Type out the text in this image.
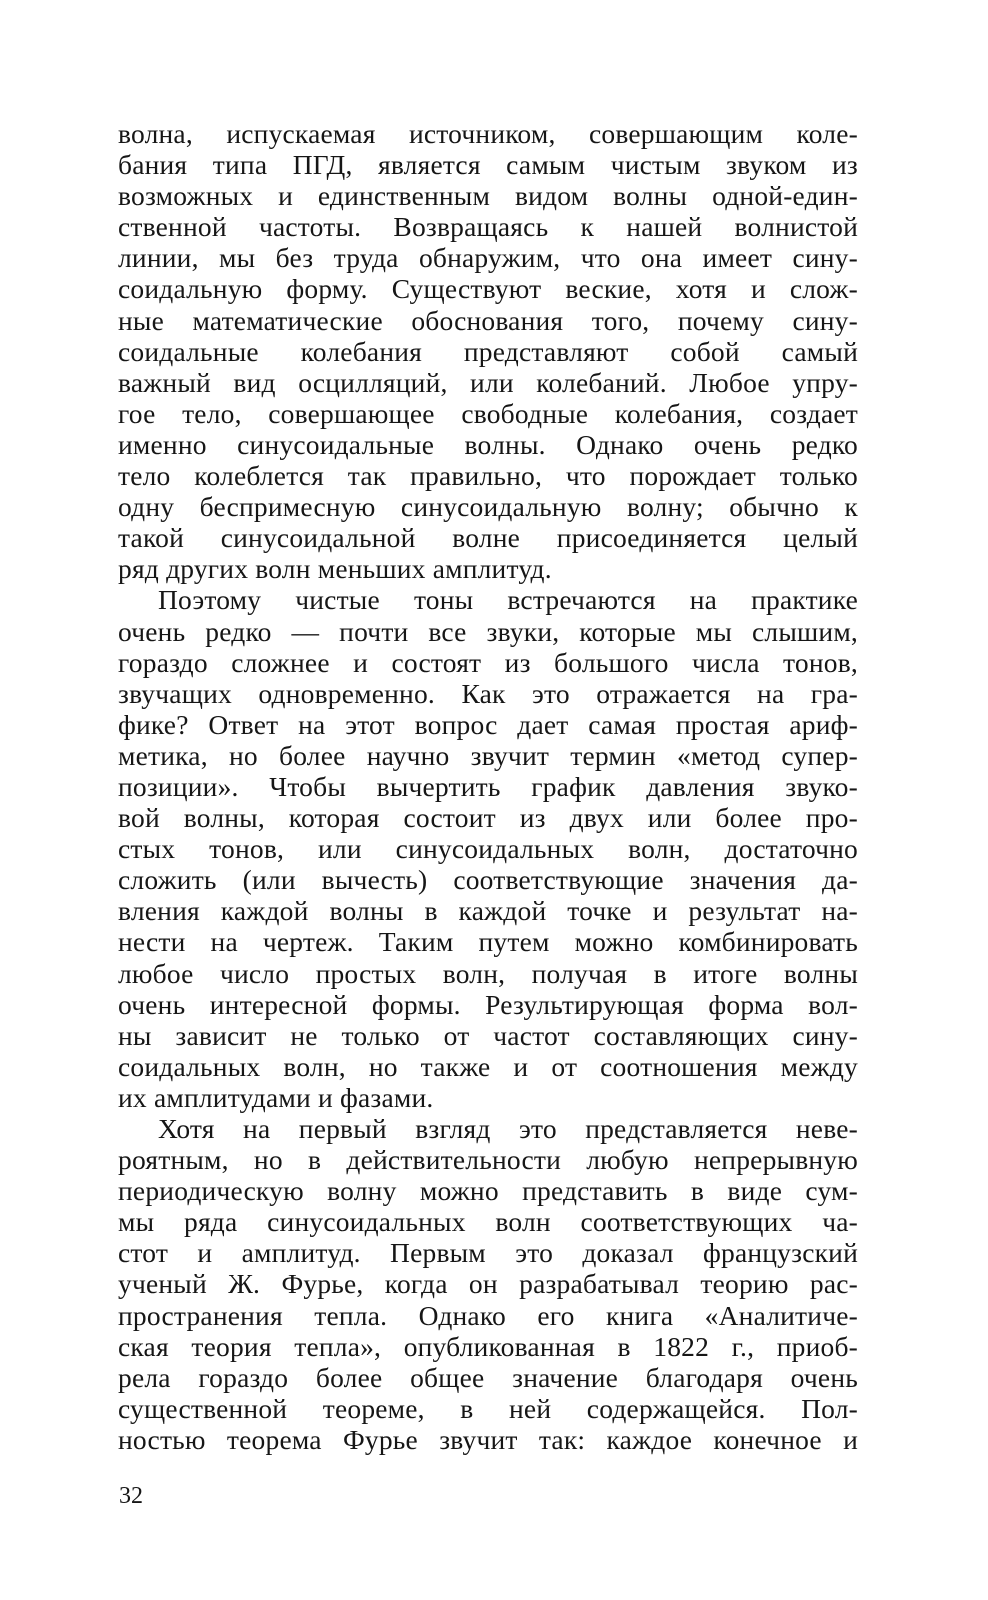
волна, испускаемая источником, совершающим коле-
бания типа ПГД, является самым чистым звуком из
возможных и единственным видом волны одной-един-
ственной частоты. Возвращаясь к нашей волнистой
линии, мы без труда обнаружим, что она имеет сину-
соидальную форму. Существуют веские, хотя и слож-
ные математические обоснования того, почему сину-
соидальные колебания представляют собой самый
важный вид осцилляций, или колебаний. Любое упру-
гое тело, совершающее свободные колебания, создает
именно синусоидальные волны. Однако очень редко
тело колеблется так правильно, что порождает только
одну беспримесную синусоидальную волну; обычно к
такой синусоидальной волне присоединяется целый
ряд других волн меньших амплитуд.
Поэтому чистые тоны встречаются на практике
очень редко — почти все звуки, которые мы слышим,
гораздо сложнее и состоят из большого числа тонов,
звучащих одновременно. Как это отражается на гра-
фике? Ответ на этот вопрос дает самая простая ариф-
метика, но более научно звучит термин «метод супер-
позиции». Чтобы вычертить график давления звуко-
вой волны, которая состоит из двух или более про-
стых тонов, или синусоидальных волн, достаточно
сложить (или вычесть) соответствующие значения да-
вления каждой волны в каждой точке и результат на-
нести на чертеж. Таким путем можно комбинировать
любое число простых волн, получая в итоге волны
очень интересной формы. Результирующая форма вол-
ны зависит не только от частот составляющих сину-
соидальных волн, но также и от соотношения между
их амплитудами и фазами.
Хотя на первый взгляд это представляется неве-
роятным, но в действительности любую непрерывную
периодическую волну можно представить в виде сум-
мы ряда синусоидальных волн соответствующих ча-
стот и амплитуд. Первым это доказал французский
ученый Ж. Фурье, когда он разрабатывал теорию рас-
пространения тепла. Однако его книга «Аналитиче-
ская теория тепла», опубликованная в 1822 г., приоб-
рела гораздо более общее значение благодаря очень
существенной теореме, в ней содержащейся. Пол-
ностью теорема Фурье звучит так: каждое конечное и
32
